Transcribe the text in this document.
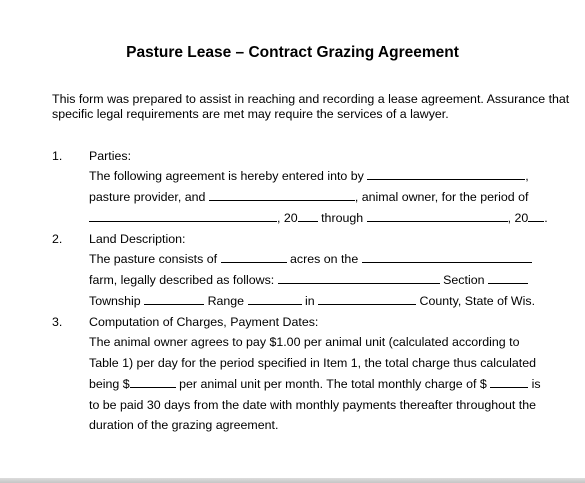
Pasture Lease – Contract Grazing Agreement
This form was prepared to assist in reaching and recording a lease agreement. Assurance that specific legal requirements are met may require the services of a lawyer.
1. Parties:
The following agreement is hereby entered into by	,
pasture provider, and	, animal owner, for the period of
, 20 through	, 20 .
2. Land Description:
The pasture consists of	acres on the
farm, legally described as follows:	Section
Township	Range	in	County, State of Wis.
3. Computation of Charges, Payment Dates:
The animal owner agrees to pay $1.00 per animal unit (calculated according to
Table 1) per day for the period specified in Item 1, the total charge thus calculated
being $	per animal unit per month. The total monthly charge of $	is
to be paid 30 days from the date with monthly payments thereafter throughout the
duration of the grazing agreement.
